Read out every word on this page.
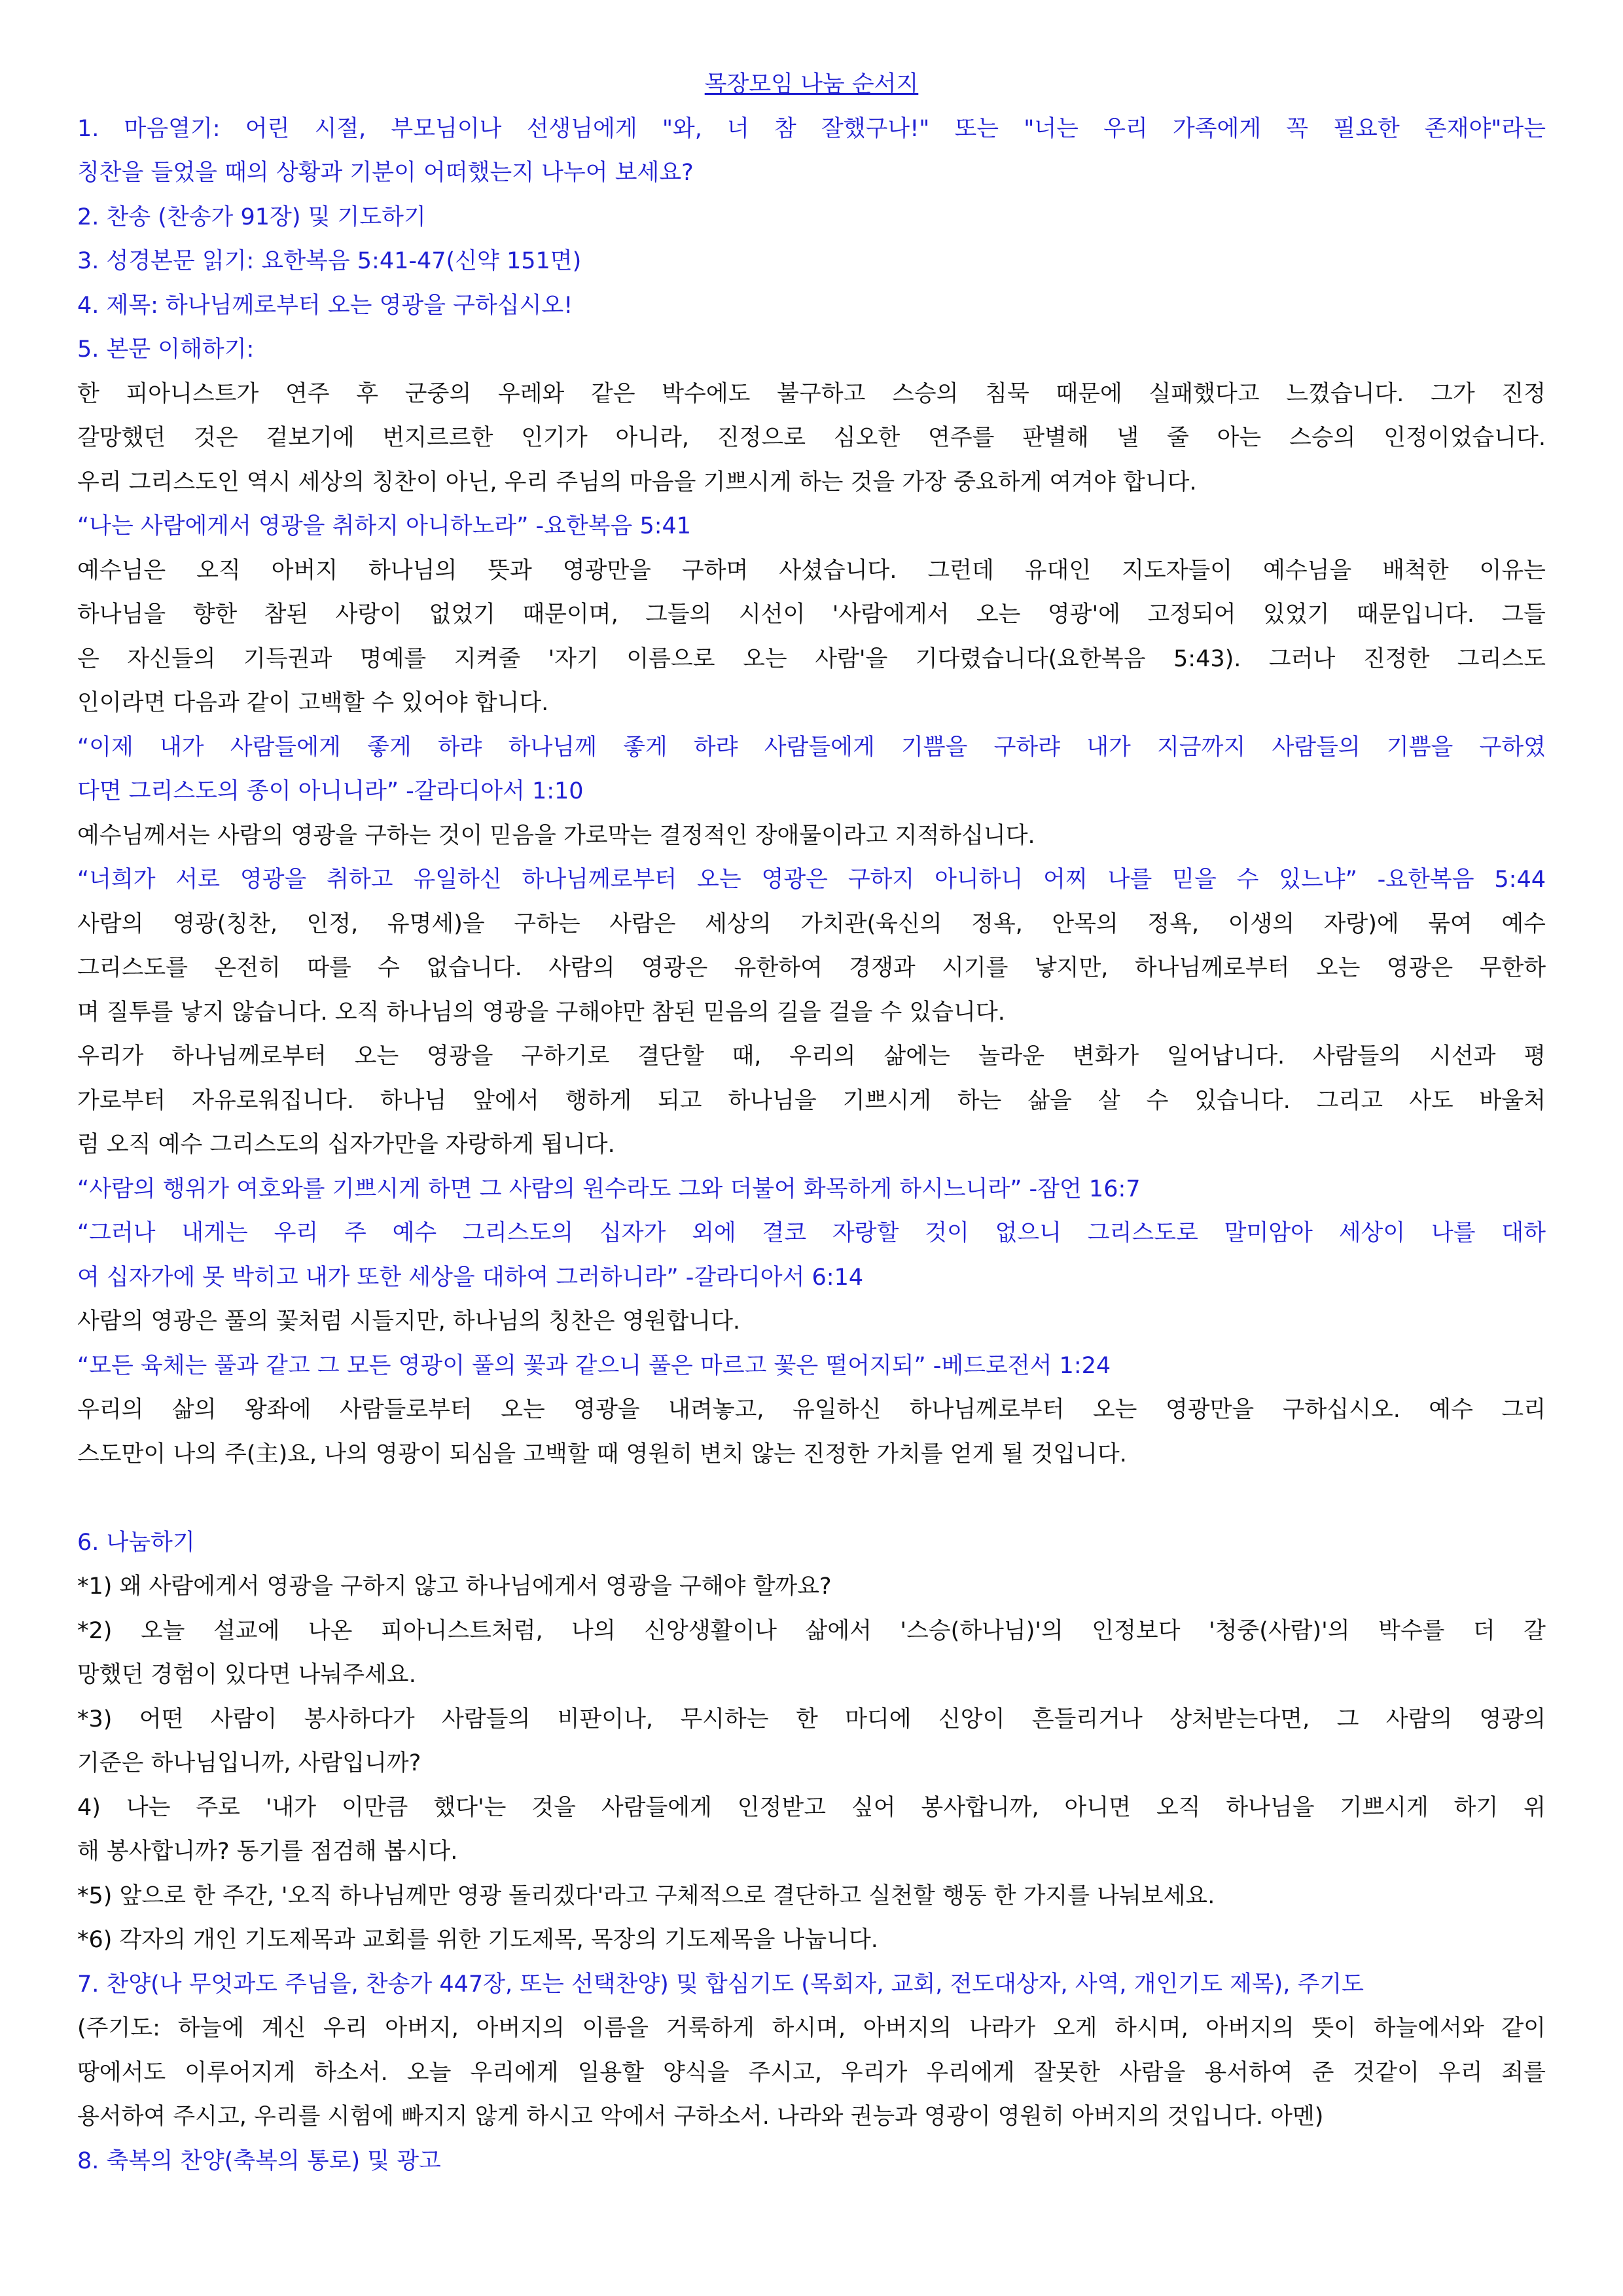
목장모임 나눔 순서지
1. 마음열기: 어린 시절, 부모님이나 선생님에게 "와, 너 참 잘했구나!" 또는 "너는 우리 가족에게 꼭 필요한 존재야"라는
칭찬을 들었을 때의 상황과 기분이 어떠했는지 나누어 보세요?
2. 찬송 (찬송가 91장) 및 기도하기
3. 성경본문 읽기: 요한복음 5:41-47(신약 151면)
4. 제목: 하나님께로부터 오는 영광을 구하십시오!
5. 본문 이해하기:
한 피아니스트가 연주 후 군중의 우레와 같은 박수에도 불구하고 스승의 침묵 때문에 실패했다고 느꼈습니다. 그가 진정
갈망했던 것은 겉보기에 번지르르한 인기가 아니라, 진정으로 심오한 연주를 판별해 낼 줄 아는 스승의 인정이었습니다.
우리 그리스도인 역시 세상의 칭찬이 아닌, 우리 주님의 마음을 기쁘시게 하는 것을 가장 중요하게 여겨야 합니다.
“나는 사람에게서 영광을 취하지 아니하노라” -요한복음 5:41
예수님은 오직 아버지 하나님의 뜻과 영광만을 구하며 사셨습니다. 그런데 유대인 지도자들이 예수님을 배척한 이유는
하나님을 향한 참된 사랑이 없었기 때문이며, 그들의 시선이 '사람에게서 오는 영광'에 고정되어 있었기 때문입니다. 그들
은 자신들의 기득권과 명예를 지켜줄 '자기 이름으로 오는 사람'을 기다렸습니다(요한복음 5:43). 그러나 진정한 그리스도
인이라면 다음과 같이 고백할 수 있어야 합니다.
“이제 내가 사람들에게 좋게 하랴 하나님께 좋게 하랴 사람들에게 기쁨을 구하랴 내가 지금까지 사람들의 기쁨을 구하였
다면 그리스도의 종이 아니니라” -갈라디아서 1:10
예수님께서는 사람의 영광을 구하는 것이 믿음을 가로막는 결정적인 장애물이라고 지적하십니다.
“너희가 서로 영광을 취하고 유일하신 하나님께로부터 오는 영광은 구하지 아니하니 어찌 나를 믿을 수 있느냐” -요한복음 5:44
사람의 영광(칭찬, 인정, 유명세)을 구하는 사람은 세상의 가치관(육신의 정욕, 안목의 정욕, 이생의 자랑)에 묶여 예수
그리스도를 온전히 따를 수 없습니다. 사람의 영광은 유한하여 경쟁과 시기를 낳지만, 하나님께로부터 오는 영광은 무한하
며 질투를 낳지 않습니다. 오직 하나님의 영광을 구해야만 참된 믿음의 길을 걸을 수 있습니다.
우리가 하나님께로부터 오는 영광을 구하기로 결단할 때, 우리의 삶에는 놀라운 변화가 일어납니다. 사람들의 시선과 평
가로부터 자유로워집니다. 하나님 앞에서 행하게 되고 하나님을 기쁘시게 하는 삶을 살 수 있습니다. 그리고 사도 바울처
럼 오직 예수 그리스도의 십자가만을 자랑하게 됩니다.
“사람의 행위가 여호와를 기쁘시게 하면 그 사람의 원수라도 그와 더불어 화목하게 하시느니라” -잠언 16:7
“그러나 내게는 우리 주 예수 그리스도의 십자가 외에 결코 자랑할 것이 없으니 그리스도로 말미암아 세상이 나를 대하
여 십자가에 못 박히고 내가 또한 세상을 대하여 그러하니라” -갈라디아서 6:14
사람의 영광은 풀의 꽃처럼 시들지만, 하나님의 칭찬은 영원합니다.
“모든 육체는 풀과 같고 그 모든 영광이 풀의 꽃과 같으니 풀은 마르고 꽃은 떨어지되” -베드로전서 1:24
우리의 삶의 왕좌에 사람들로부터 오는 영광을 내려놓고, 유일하신 하나님께로부터 오는 영광만을 구하십시오. 예수 그리
스도만이 나의 주(主)요, 나의 영광이 되심을 고백할 때 영원히 변치 않는 진정한 가치를 얻게 될 것입니다.
6. 나눔하기
*1) 왜 사람에게서 영광을 구하지 않고 하나님에게서 영광을 구해야 할까요?
*2) 오늘 설교에 나온 피아니스트처럼, 나의 신앙생활이나 삶에서 '스승(하나님)'의 인정보다 '청중(사람)'의 박수를 더 갈
망했던 경험이 있다면 나눠주세요.
*3) 어떤 사람이 봉사하다가 사람들의 비판이나, 무시하는 한 마디에 신앙이 흔들리거나 상처받는다면, 그 사람의 영광의
기준은 하나님입니까, 사람입니까?
4) 나는 주로 '내가 이만큼 했다'는 것을 사람들에게 인정받고 싶어 봉사합니까, 아니면 오직 하나님을 기쁘시게 하기 위
해 봉사합니까? 동기를 점검해 봅시다.
*5) 앞으로 한 주간, '오직 하나님께만 영광 돌리겠다'라고 구체적으로 결단하고 실천할 행동 한 가지를 나눠보세요.
*6) 각자의 개인 기도제목과 교회를 위한 기도제목, 목장의 기도제목을 나눕니다.
7. 찬양(나 무엇과도 주님을, 찬송가 447장, 또는 선택찬양) 및 합심기도 (목회자, 교회, 전도대상자, 사역, 개인기도 제목), 주기도
(주기도: 하늘에 계신 우리 아버지, 아버지의 이름을 거룩하게 하시며, 아버지의 나라가 오게 하시며, 아버지의 뜻이 하늘에서와 같이
땅에서도 이루어지게 하소서. 오늘 우리에게 일용할 양식을 주시고, 우리가 우리에게 잘못한 사람을 용서하여 준 것같이 우리 죄를
용서하여 주시고, 우리를 시험에 빠지지 않게 하시고 악에서 구하소서. 나라와 권능과 영광이 영원히 아버지의 것입니다. 아멘)
8. 축복의 찬양(축복의 통로) 및 광고
